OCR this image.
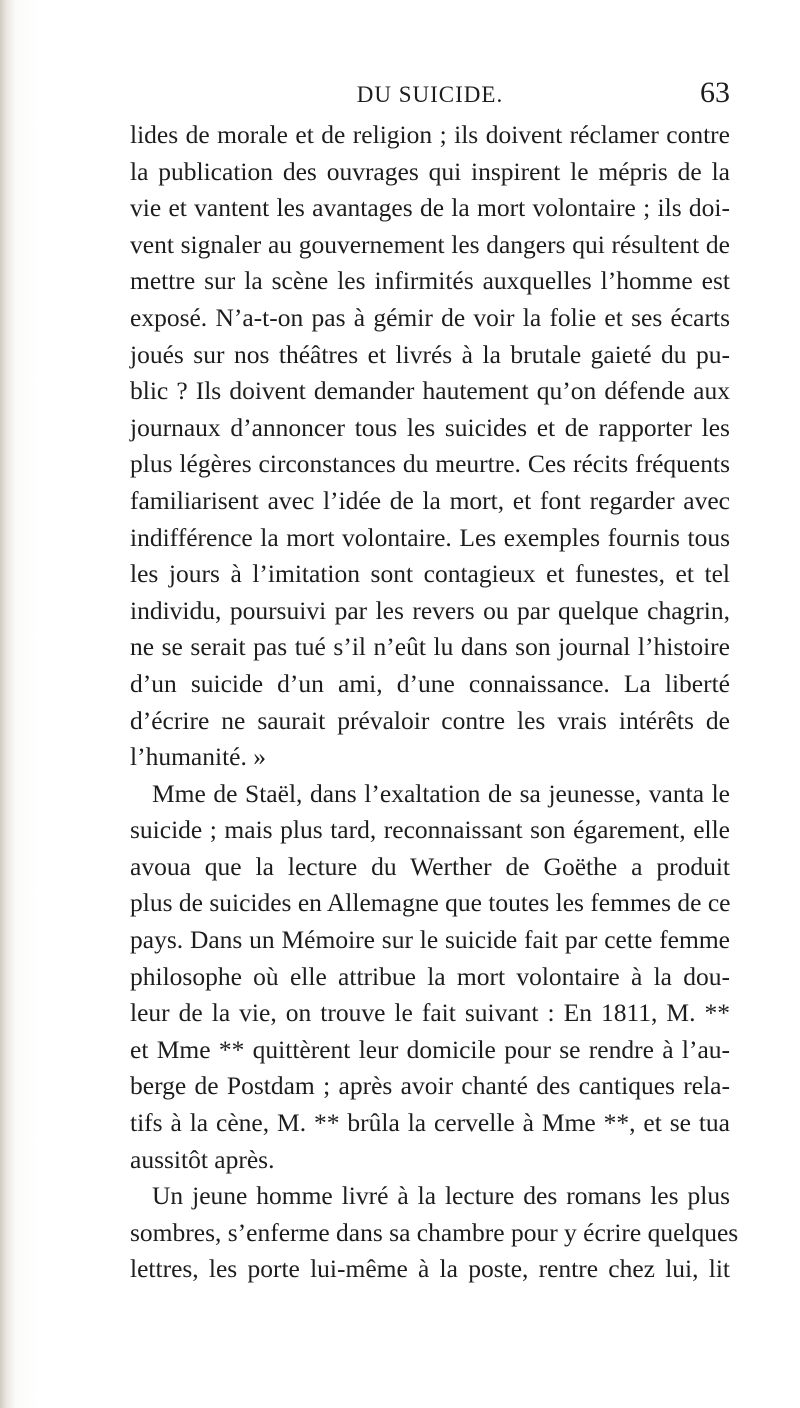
DU SUICIDE.	63
lides de morale et de religion ; ils doivent réclamer contre
la publication des ouvrages qui inspirent le mépris de la
vie et vantent les avantages de la mort volontaire ; ils doi-
vent signaler au gouvernement les dangers qui résultent de
mettre sur la scène les infirmités auxquelles l’homme est
exposé. N’a-t-on pas à gémir de voir la folie et ses écarts
joués sur nos théâtres et livrés à la brutale gaieté du pu-
blic ? Ils doivent demander hautement qu’on défende aux
journaux d’annoncer tous les suicides et de rapporter les
plus légères circonstances du meurtre. Ces récits fréquents
familiarisent avec l’idée de la mort, et font regarder avec
indifférence la mort volontaire. Les exemples fournis tous
les jours à l’imitation sont contagieux et funestes, et tel
individu, poursuivi par les revers ou par quelque chagrin,
ne se serait pas tué s’il n’eût lu dans son journal l’histoire
d’un suicide d’un ami, d’une connaissance. La liberté
d’écrire ne saurait prévaloir contre les vrais intérêts de
l’humanité. »
Mme de Staël, dans l’exaltation de sa jeunesse, vanta le
suicide ; mais plus tard, reconnaissant son égarement, elle
avoua que la lecture du Werther de Goëthe a produit
plus de suicides en Allemagne que toutes les femmes de ce
pays. Dans un Mémoire sur le suicide fait par cette femme
philosophe où elle attribue la mort volontaire à la dou-
leur de la vie, on trouve le fait suivant : En 1811, M. **
et Mme ** quittèrent leur domicile pour se rendre à l’au-
berge de Postdam ; après avoir chanté des cantiques rela-
tifs à la cène, M. ** brûla la cervelle à Mme **, et se tua
aussitôt après.
Un jeune homme livré à la lecture des romans les plus
sombres, s’enferme dans sa chambre pour y écrire quelques
lettres, les porte lui-même à la poste, rentre chez lui, lit
